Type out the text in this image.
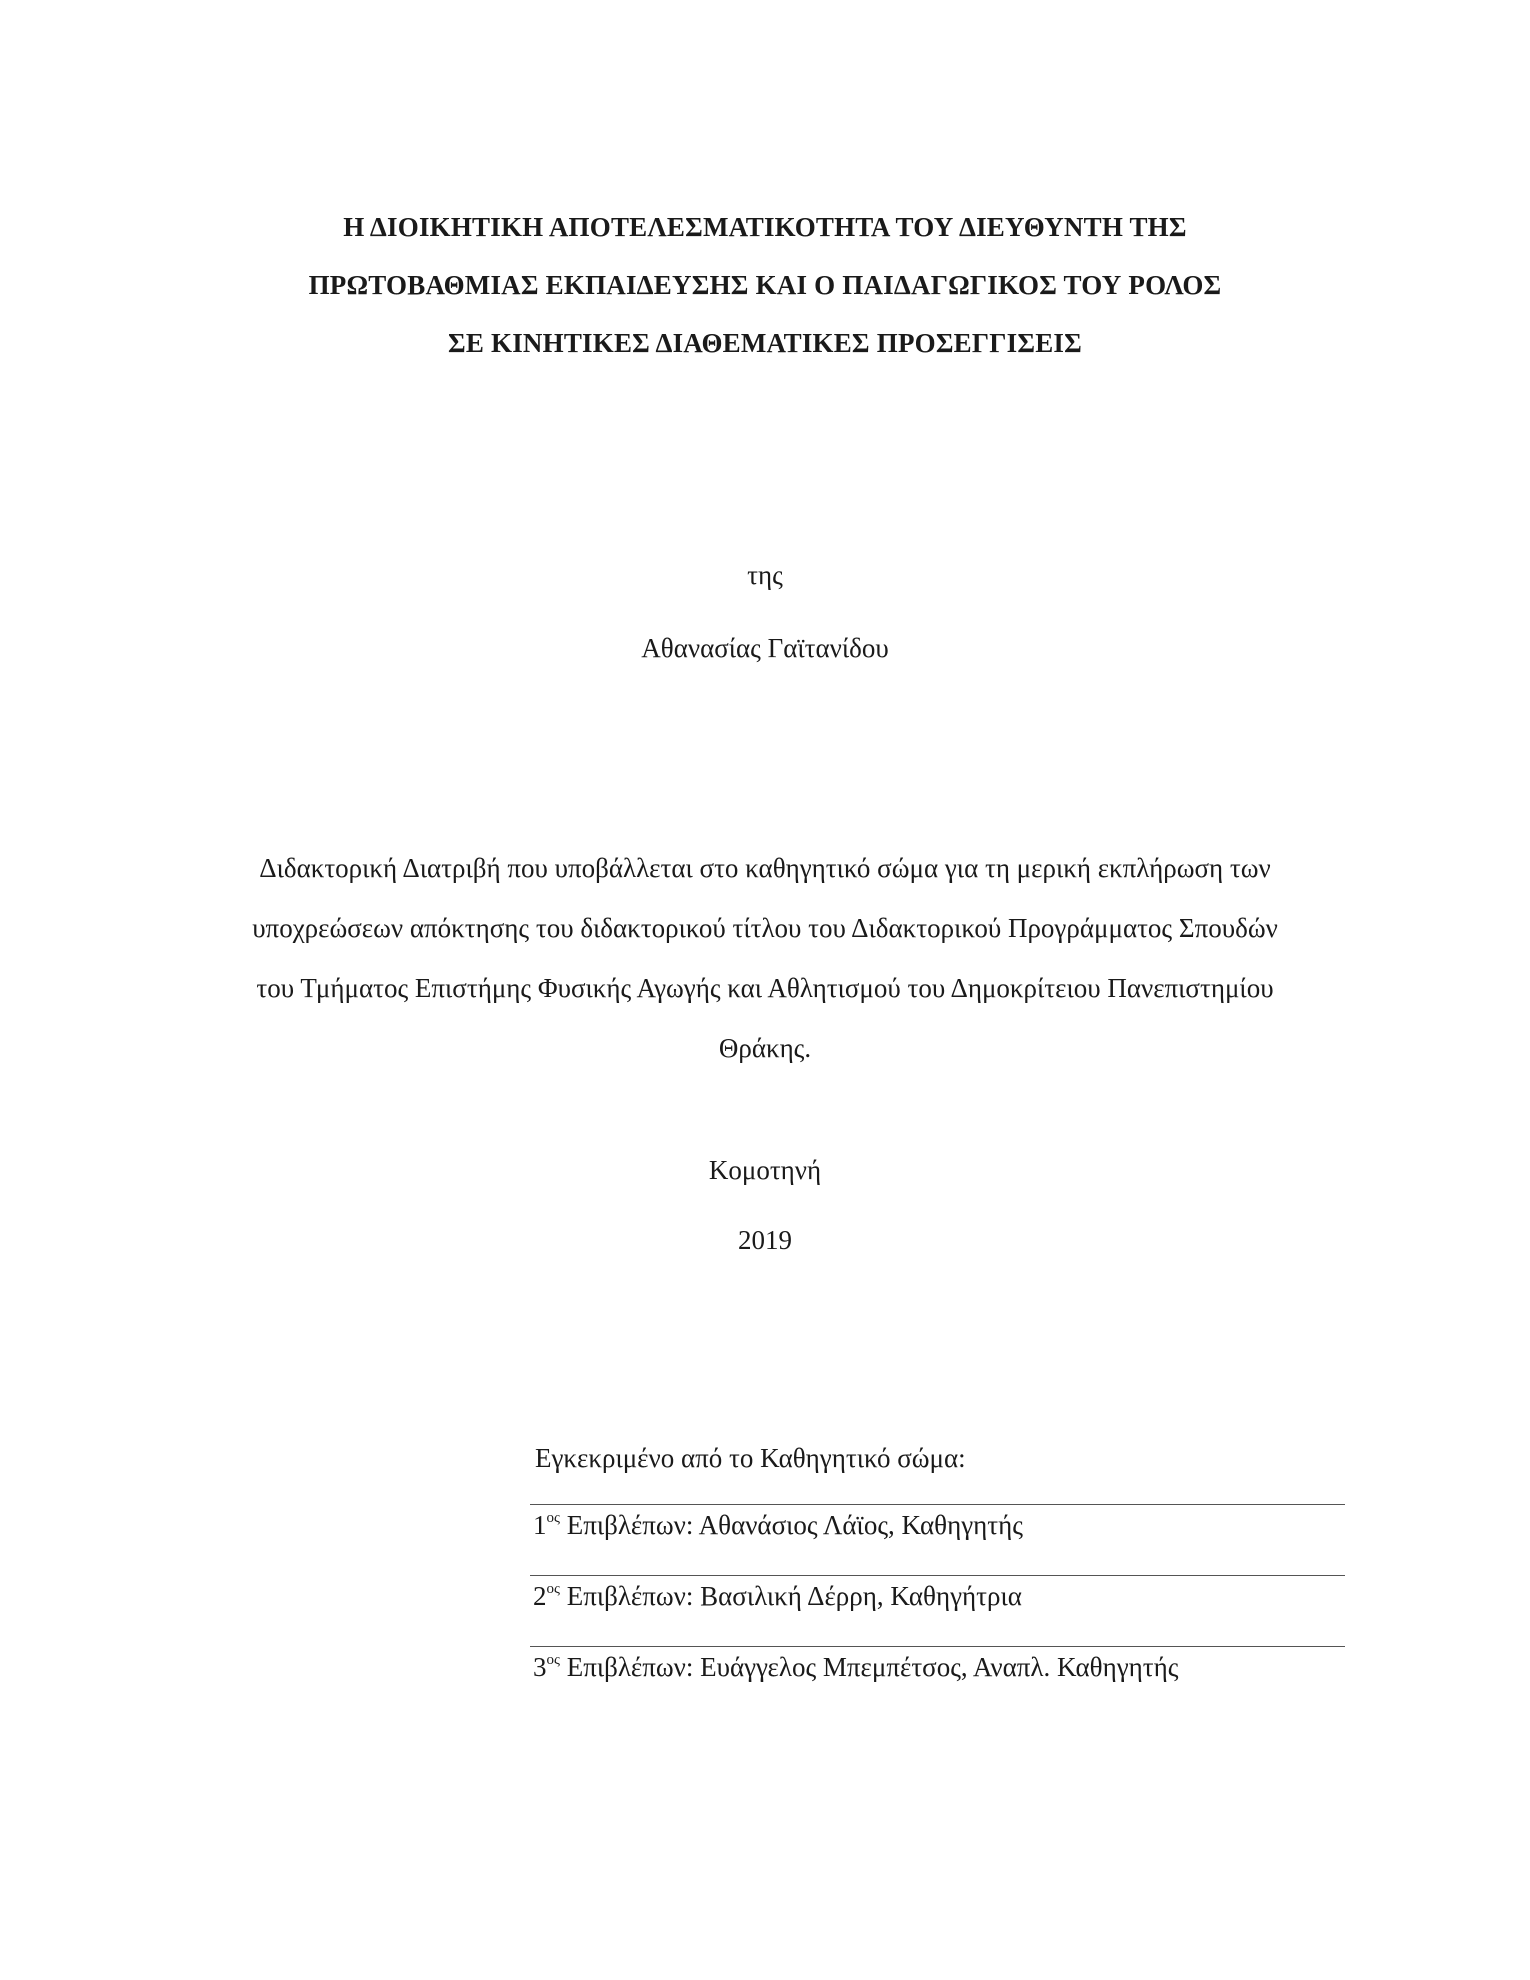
Η ΔΙΟΙΚΗΤΙΚΗ ΑΠΟΤΕΛΕΣΜΑΤΙΚΟΤΗΤΑ ΤΟΥ ΔΙΕΥΘΥΝΤΗ ΤΗΣ
ΠΡΩΤΟΒΑΘΜΙΑΣ ΕΚΠΑΙΔΕΥΣΗΣ ΚΑΙ Ο ΠΑΙΔΑΓΩΓΙΚΟΣ ΤΟΥ ΡΟΛΟΣ
ΣΕ ΚΙΝΗΤΙΚΕΣ ΔΙΑΘΕΜΑΤΙΚΕΣ ΠΡΟΣΕΓΓΙΣΕΙΣ
της
Αθανασίας Γαϊτανίδου
Διδακτορική Διατριβή που υποβάλλεται στο καθηγητικό σώμα για τη μερική εκπλήρωση των
υποχρεώσεων απόκτησης του διδακτορικού τίτλου του Διδακτορικού Προγράμματος Σπουδών
του Τμήματος Επιστήμης Φυσικής Αγωγής και Αθλητισμού του Δημοκρίτειου Πανεπιστημίου
Θράκης.
Κομοτηνή
2019
Εγκεκριμένο από το Καθηγητικό σώμα:
$1^{o\varsigma}$ Επιβλέπων: Αθανάσιος Λάϊος, Καθηγητής
$2^{o\varsigma}$ Επιβλέπων: Βασιλική Δέρρη, Καθηγήτρια
$3^{o\varsigma}$ Επιβλέπων: Ευάγγελος Μπεμπέτσος, Αναπλ. Καθηγητής
